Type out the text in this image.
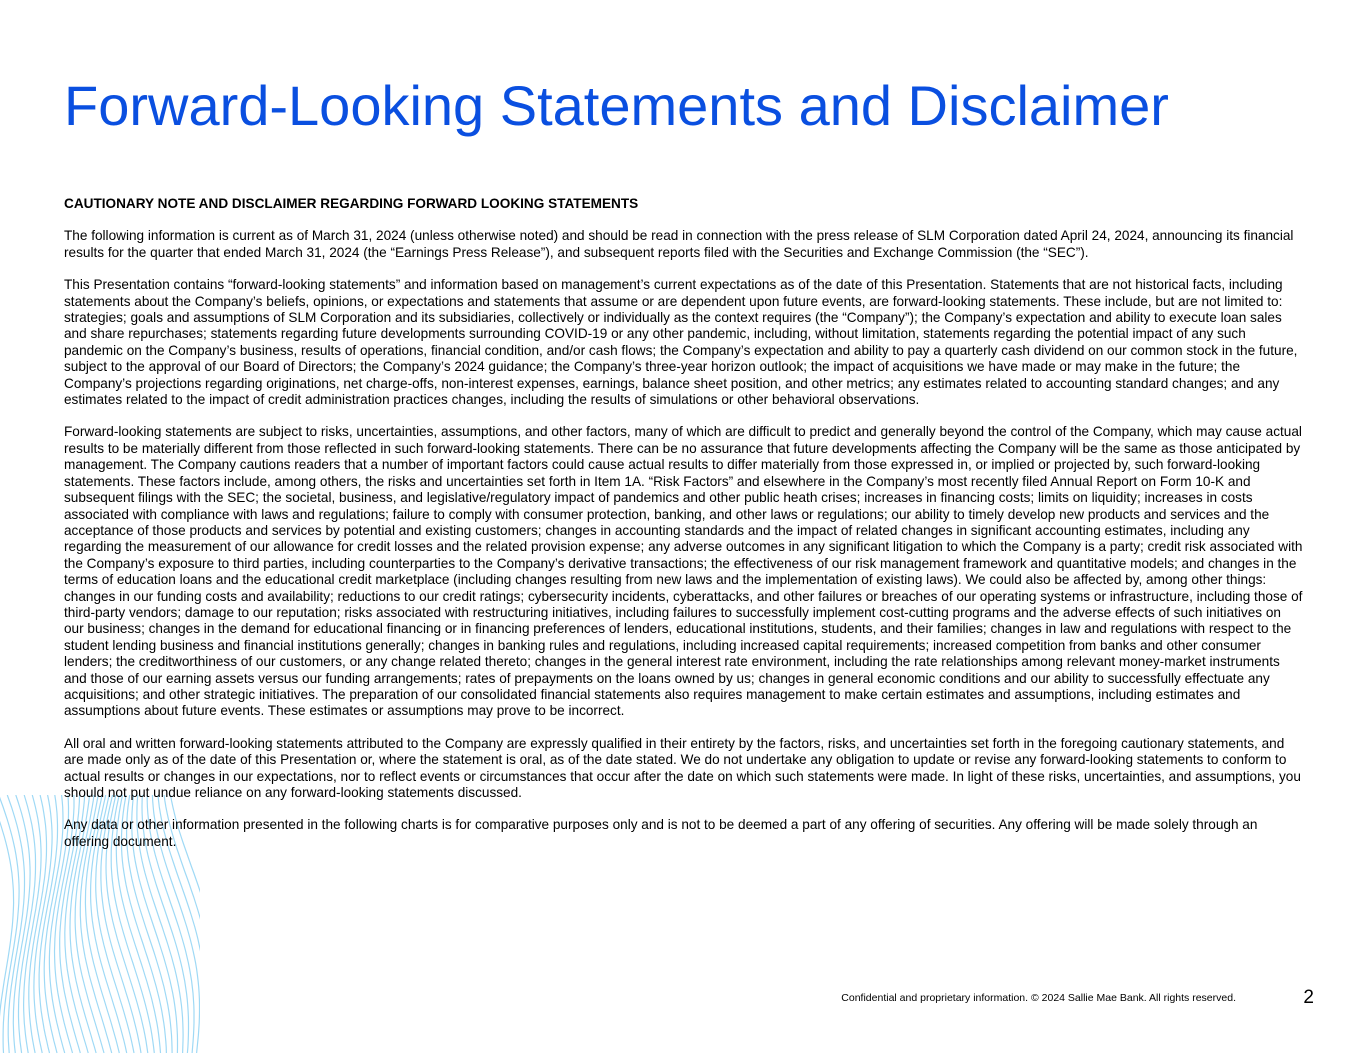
Forward-Looking Statements and Disclaimer

CAUTIONARY NOTE AND DISCLAIMER REGARDING FORWARD LOOKING STATEMENTS

The following information is current as of March 31, 2024 (unless otherwise noted) and should be read in connection with the press release of SLM Corporation dated April 24, 2024, announcing its financial results for the quarter that ended March 31, 2024 (the “Earnings Press Release”), and subsequent reports filed with the Securities and Exchange Commission (the “SEC”).

This Presentation contains “forward-looking statements” and information based on management’s current expectations as of the date of this Presentation. Statements that are not historical facts, including statements about the Company’s beliefs, opinions, or expectations and statements that assume or are dependent upon future events, are forward-looking statements. These include, but are not limited to: strategies; goals and assumptions of SLM Corporation and its subsidiaries, collectively or individually as the context requires (the “Company”); the Company’s expectation and ability to execute loan sales and share repurchases; statements regarding future developments surrounding COVID-19 or any other pandemic, including, without limitation, statements regarding the potential impact of any such pandemic on the Company’s business, results of operations, financial condition, and/or cash flows; the Company’s expectation and ability to pay a quarterly cash dividend on our common stock in the future, subject to the approval of our Board of Directors; the Company’s 2024 guidance; the Company’s three-year horizon outlook; the impact of acquisitions we have made or may make in the future; the Company’s projections regarding originations, net charge-offs, non-interest expenses, earnings, balance sheet position, and other metrics; any estimates related to accounting standard changes; and any estimates related to the impact of credit administration practices changes, including the results of simulations or other behavioral observations.

Forward-looking statements are subject to risks, uncertainties, assumptions, and other factors, many of which are difficult to predict and generally beyond the control of the Company, which may cause actual results to be materially different from those reflected in such forward-looking statements. There can be no assurance that future developments affecting the Company will be the same as those anticipated by management. The Company cautions readers that a number of important factors could cause actual results to differ materially from those expressed in, or implied or projected by, such forward-looking statements. These factors include, among others, the risks and uncertainties set forth in Item 1A. “Risk Factors” and elsewhere in the Company’s most recently filed Annual Report on Form 10-K and subsequent filings with the SEC; the societal, business, and legislative/regulatory impact of pandemics and other public heath crises; increases in financing costs; limits on liquidity; increases in costs associated with compliance with laws and regulations; failure to comply with consumer protection, banking, and other laws or regulations; our ability to timely develop new products and services and the acceptance of those products and services by potential and existing customers; changes in accounting standards and the impact of related changes in significant accounting estimates, including any regarding the measurement of our allowance for credit losses and the related provision expense; any adverse outcomes in any significant litigation to which the Company is a party; credit risk associated with the Company’s exposure to third parties, including counterparties to the Company’s derivative transactions; the effectiveness of our risk management framework and quantitative models; and changes in the terms of education loans and the educational credit marketplace (including changes resulting from new laws and the implementation of existing laws). We could also be affected by, among other things: changes in our funding costs and availability; reductions to our credit ratings; cybersecurity incidents, cyberattacks, and other failures or breaches of our operating systems or infrastructure, including those of third-party vendors; damage to our reputation; risks associated with restructuring initiatives, including failures to successfully implement cost-cutting programs and the adverse effects of such initiatives on our business; changes in the demand for educational financing or in financing preferences of lenders, educational institutions, students, and their families; changes in law and regulations with respect to the student lending business and financial institutions generally; changes in banking rules and regulations, including increased capital requirements; increased competition from banks and other consumer lenders; the creditworthiness of our customers, or any change related thereto; changes in the general interest rate environment, including the rate relationships among relevant money-market instruments and those of our earning assets versus our funding arrangements; rates of prepayments on the loans owned by us; changes in general economic conditions and our ability to successfully effectuate any acquisitions; and other strategic initiatives. The preparation of our consolidated financial statements also requires management to make certain estimates and assumptions, including estimates and assumptions about future events. These estimates or assumptions may prove to be incorrect.

All oral and written forward-looking statements attributed to the Company are expressly qualified in their entirety by the factors, risks, and uncertainties set forth in the foregoing cautionary statements, and are made only as of the date of this Presentation or, where the statement is oral, as of the date stated. We do not undertake any obligation to update or revise any forward-looking statements to conform to actual results or changes in our expectations, nor to reflect events or circumstances that occur after the date on which such statements were made. In light of these risks, uncertainties, and assumptions, you should not put undue reliance on any forward-looking statements discussed.

Any data or other information presented in the following charts is for comparative purposes only and is not to be deemed a part of any offering of securities. Any offering will be made solely through an offering document.

Confidential and proprietary information. © 2024 Sallie Mae Bank. All rights reserved.	2
